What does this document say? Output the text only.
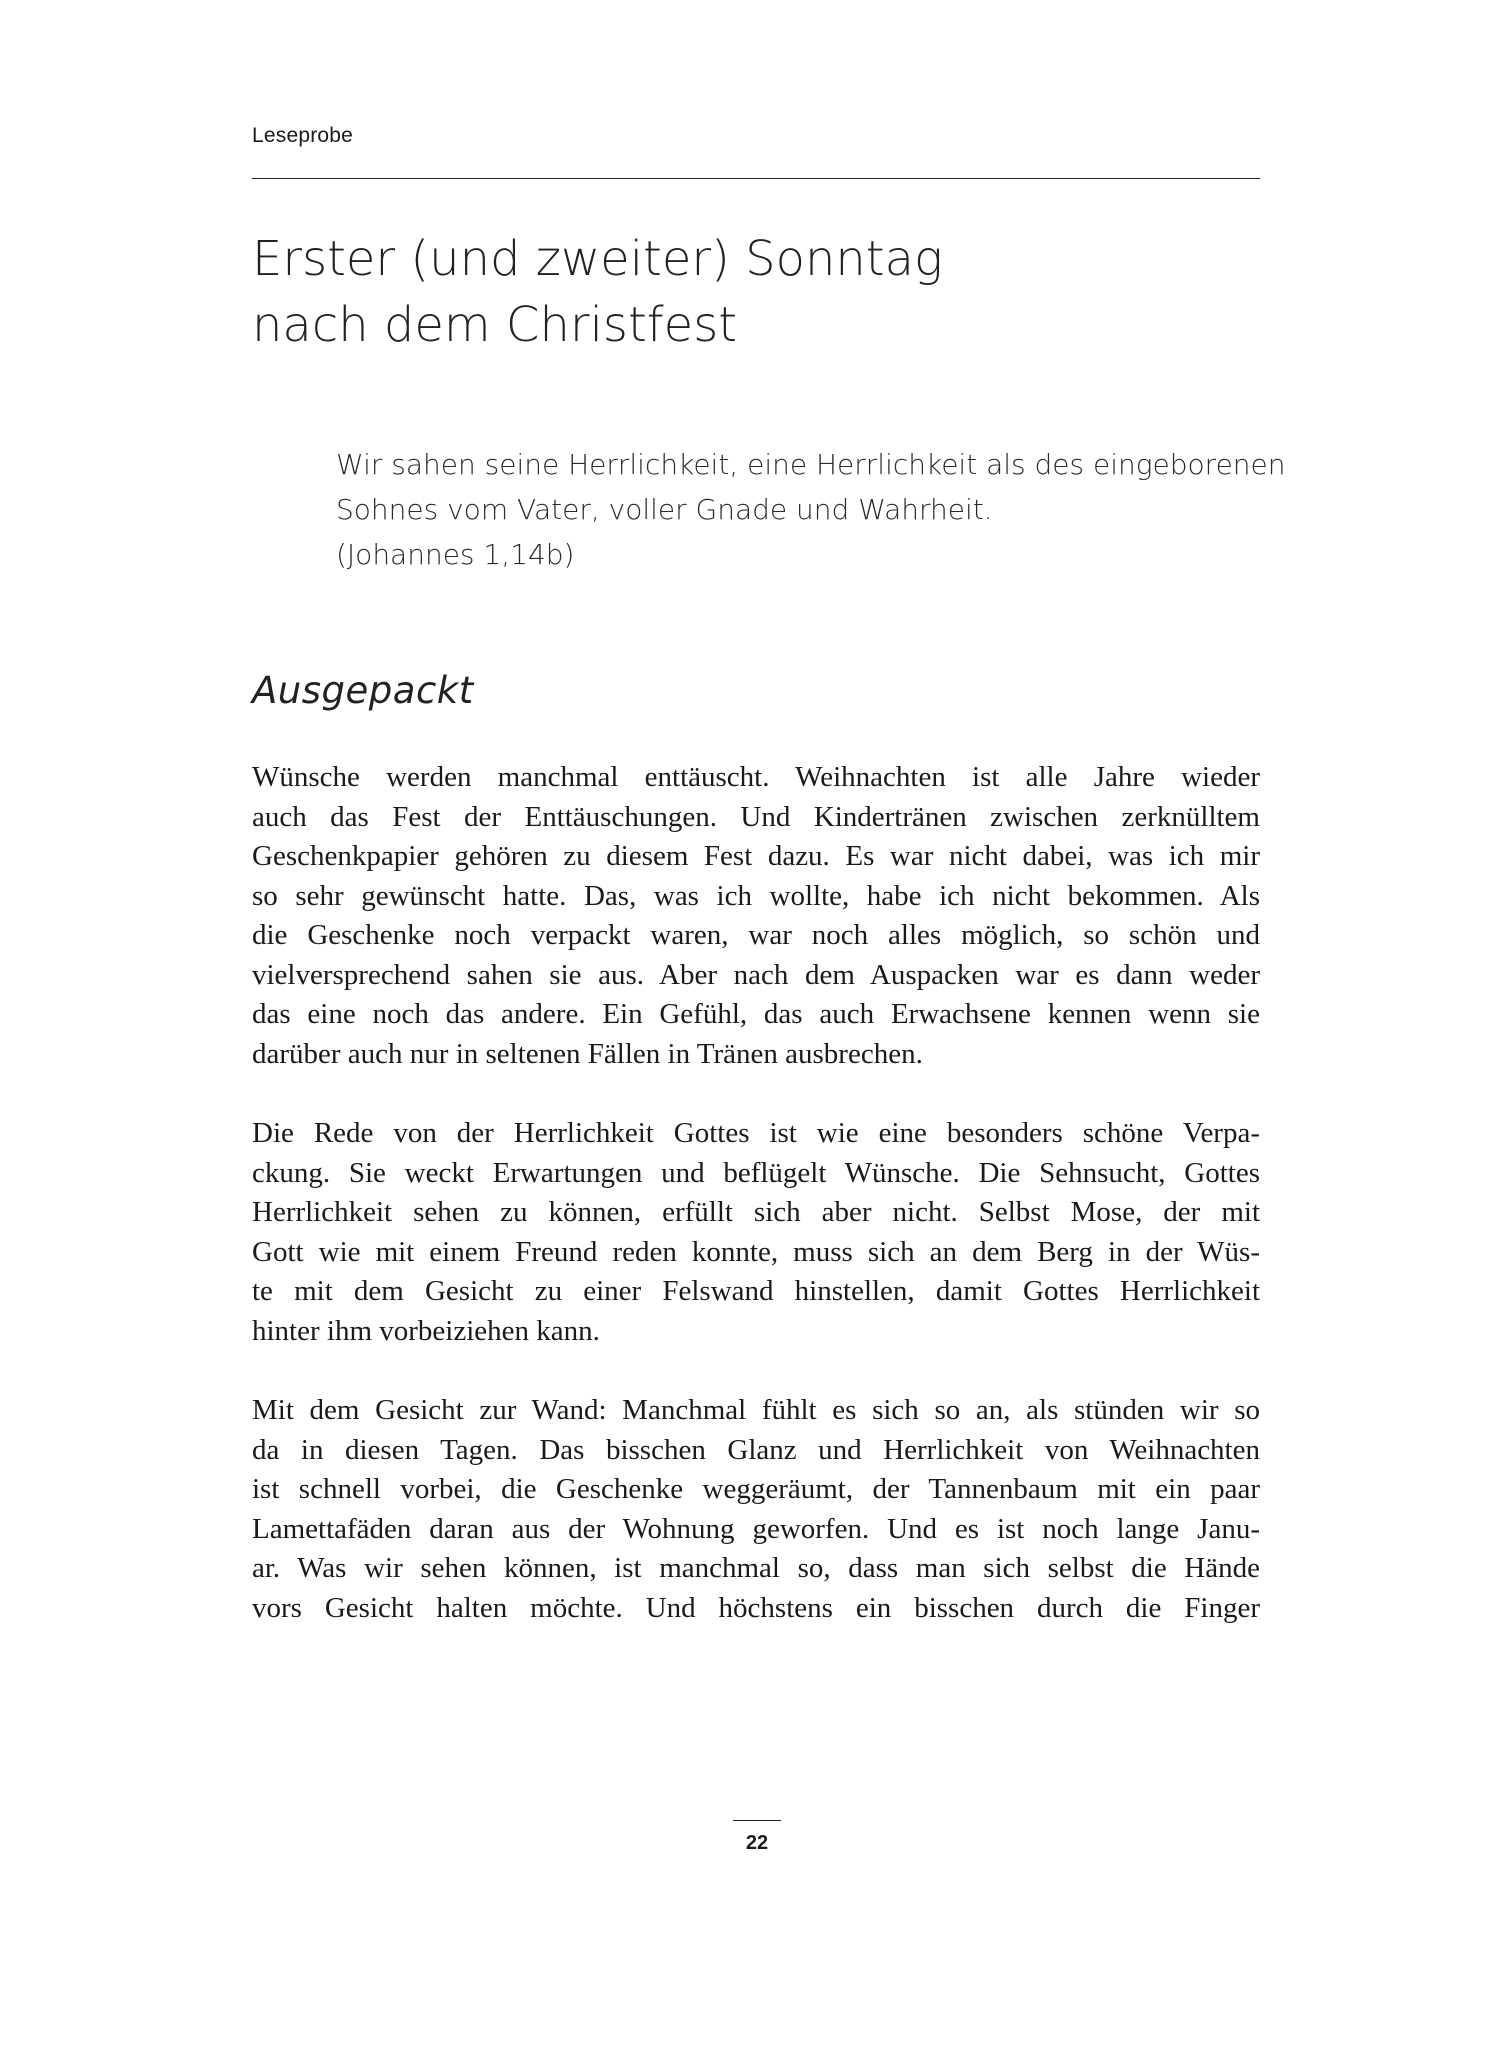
Leseprobe
Erster (und zweiter) Sonntag
nach dem Christfest
Wir sahen seine Herrlichkeit, eine Herrlichkeit als des eingeborenen
Sohnes vom Vater, voller Gnade und Wahrheit.
(Johannes 1,14b)
Ausgepackt
Wünsche werden manchmal enttäuscht. Weihnachten ist alle Jahre wieder
auch das Fest der Enttäuschungen. Und Kindertränen zwischen zerknülltem
Geschenkpapier gehören zu diesem Fest dazu. Es war nicht dabei, was ich mir
so sehr gewünscht hatte. Das, was ich wollte, habe ich nicht bekommen. Als
die Geschenke noch verpackt waren, war noch alles möglich, so schön und
vielversprechend sahen sie aus. Aber nach dem Auspacken war es dann weder
das eine noch das andere. Ein Gefühl, das auch Erwachsene kennen wenn sie
darüber auch nur in seltenen Fällen in Tränen ausbrechen.
Die Rede von der Herrlichkeit Gottes ist wie eine besonders schöne Verpa-
ckung. Sie weckt Erwartungen und beflügelt Wünsche. Die Sehnsucht, Gottes
Herrlichkeit sehen zu können, erfüllt sich aber nicht. Selbst Mose, der mit
Gott wie mit einem Freund reden konnte, muss sich an dem Berg in der Wüs-
te mit dem Gesicht zu einer Felswand hinstellen, damit Gottes Herrlichkeit
hinter ihm vorbeiziehen kann.
Mit dem Gesicht zur Wand: Manchmal fühlt es sich so an, als stünden wir so
da in diesen Tagen. Das bisschen Glanz und Herrlichkeit von Weihnachten
ist schnell vorbei, die Geschenke weggeräumt, der Tannenbaum mit ein paar
Lamettafäden daran aus der Wohnung geworfen. Und es ist noch lange Janu-
ar. Was wir sehen können, ist manchmal so, dass man sich selbst die Hände
vors Gesicht halten möchte. Und höchstens ein bisschen durch die Finger
22
